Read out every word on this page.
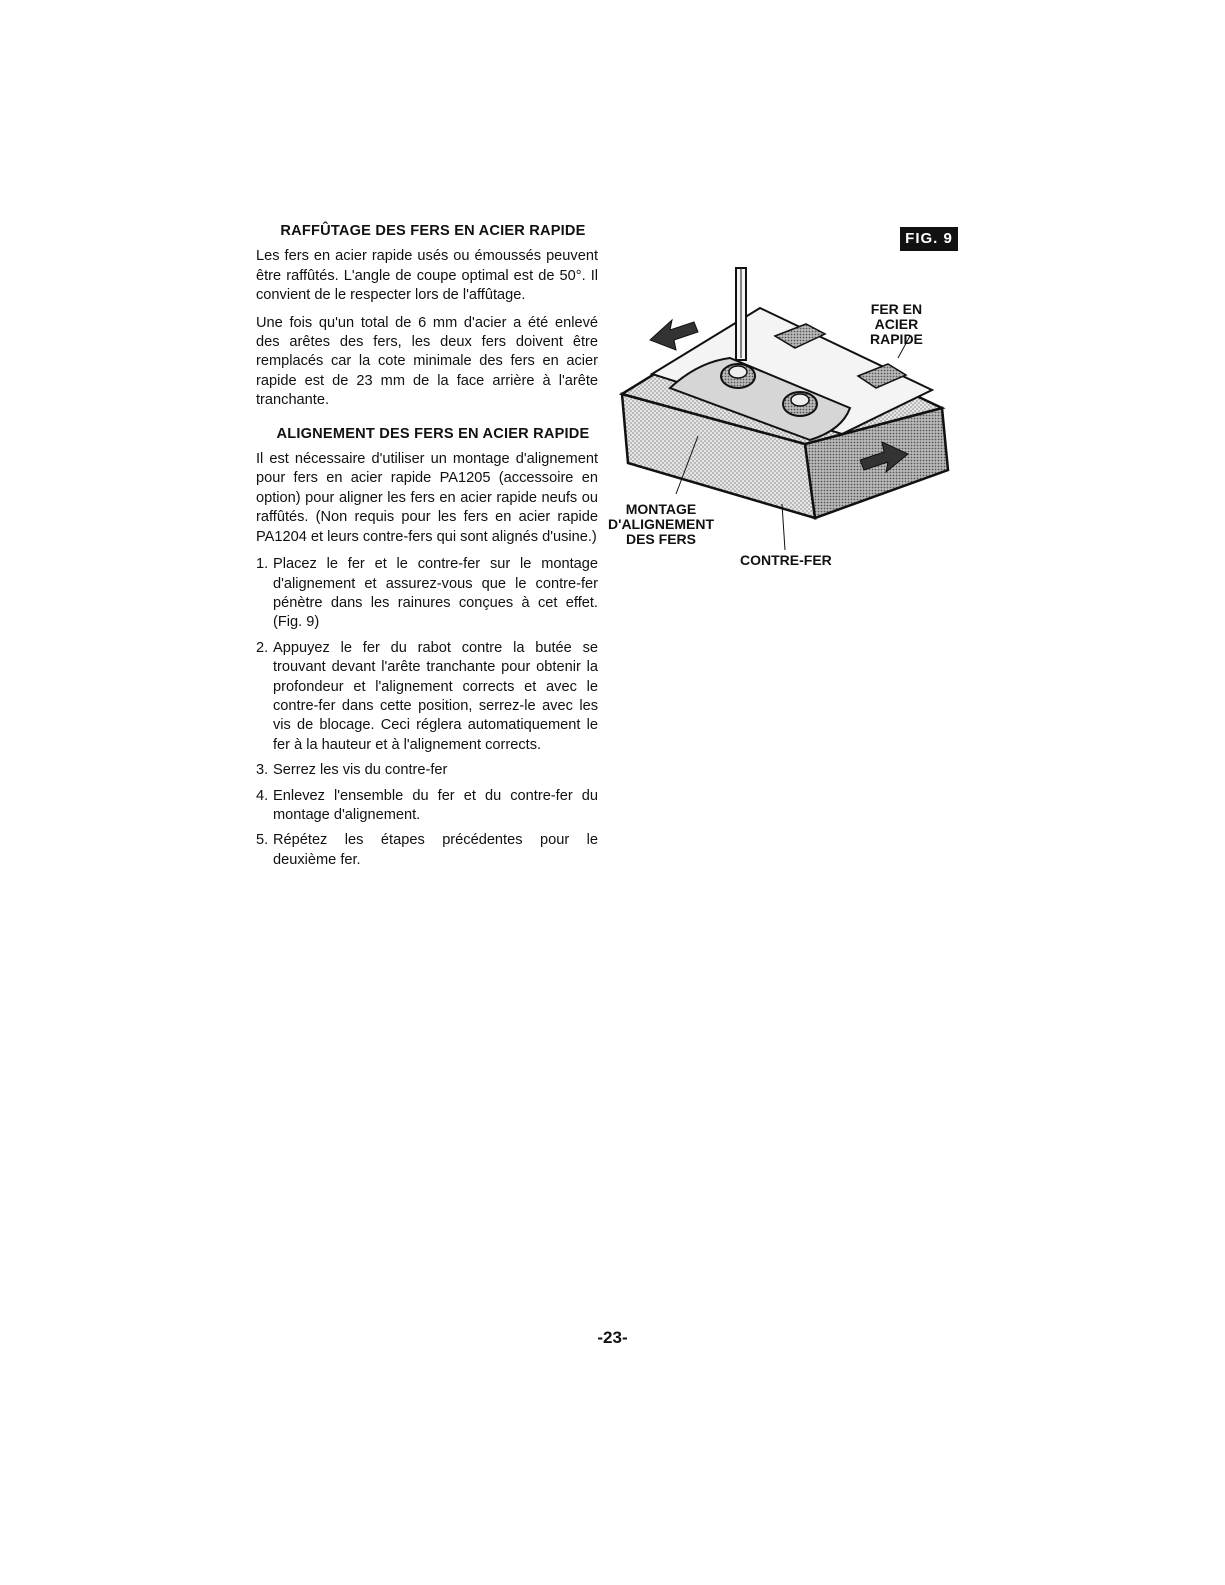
RAFFÛTAGE DES FERS EN ACIER RAPIDE

Les fers en acier rapide usés ou émoussés peuvent être raffûtés. L'angle de coupe optimal est de 50°. Il convient de le respecter lors de l'affûtage.

Une fois qu'un total de 6 mm d'acier a été enlevé des arêtes des fers, les deux fers doivent être remplacés car la cote minimale des fers en acier rapide est de 23 mm de la face arrière à l'arête tranchante.

ALIGNEMENT DES FERS EN ACIER RAPIDE

Il est nécessaire d'utiliser un montage d'alignement pour fers en acier rapide PA1205 (accessoire en option) pour aligner les fers en acier rapide neufs ou raffûtés. (Non requis pour les fers en acier rapide PA1204 et leurs contre-fers qui sont alignés d'usine.)

1. Placez le fer et le contre-fer sur le montage d'alignement et assurez-vous que le contre-fer pénètre dans les rainures conçues à cet effet. (Fig. 9)
2. Appuyez le fer du rabot contre la butée se trouvant devant l'arête tranchante pour obtenir la profondeur et l'alignement corrects et avec le contre-fer dans cette position, serrez-le avec les vis de blocage. Ceci réglera automatiquement le fer à la hauteur et à l'alignement corrects.
3. Serrez les vis du contre-fer
4. Enlevez l'ensemble du fer et du contre-fer du montage d'alignement.
5. Répétez les étapes précédentes pour le deuxième fer.
FIG. 9
FER EN
ACIER
RAPIDE
MONTAGE
D'ALIGNEMENT
DES FERS
CONTRE-FER
-23-
